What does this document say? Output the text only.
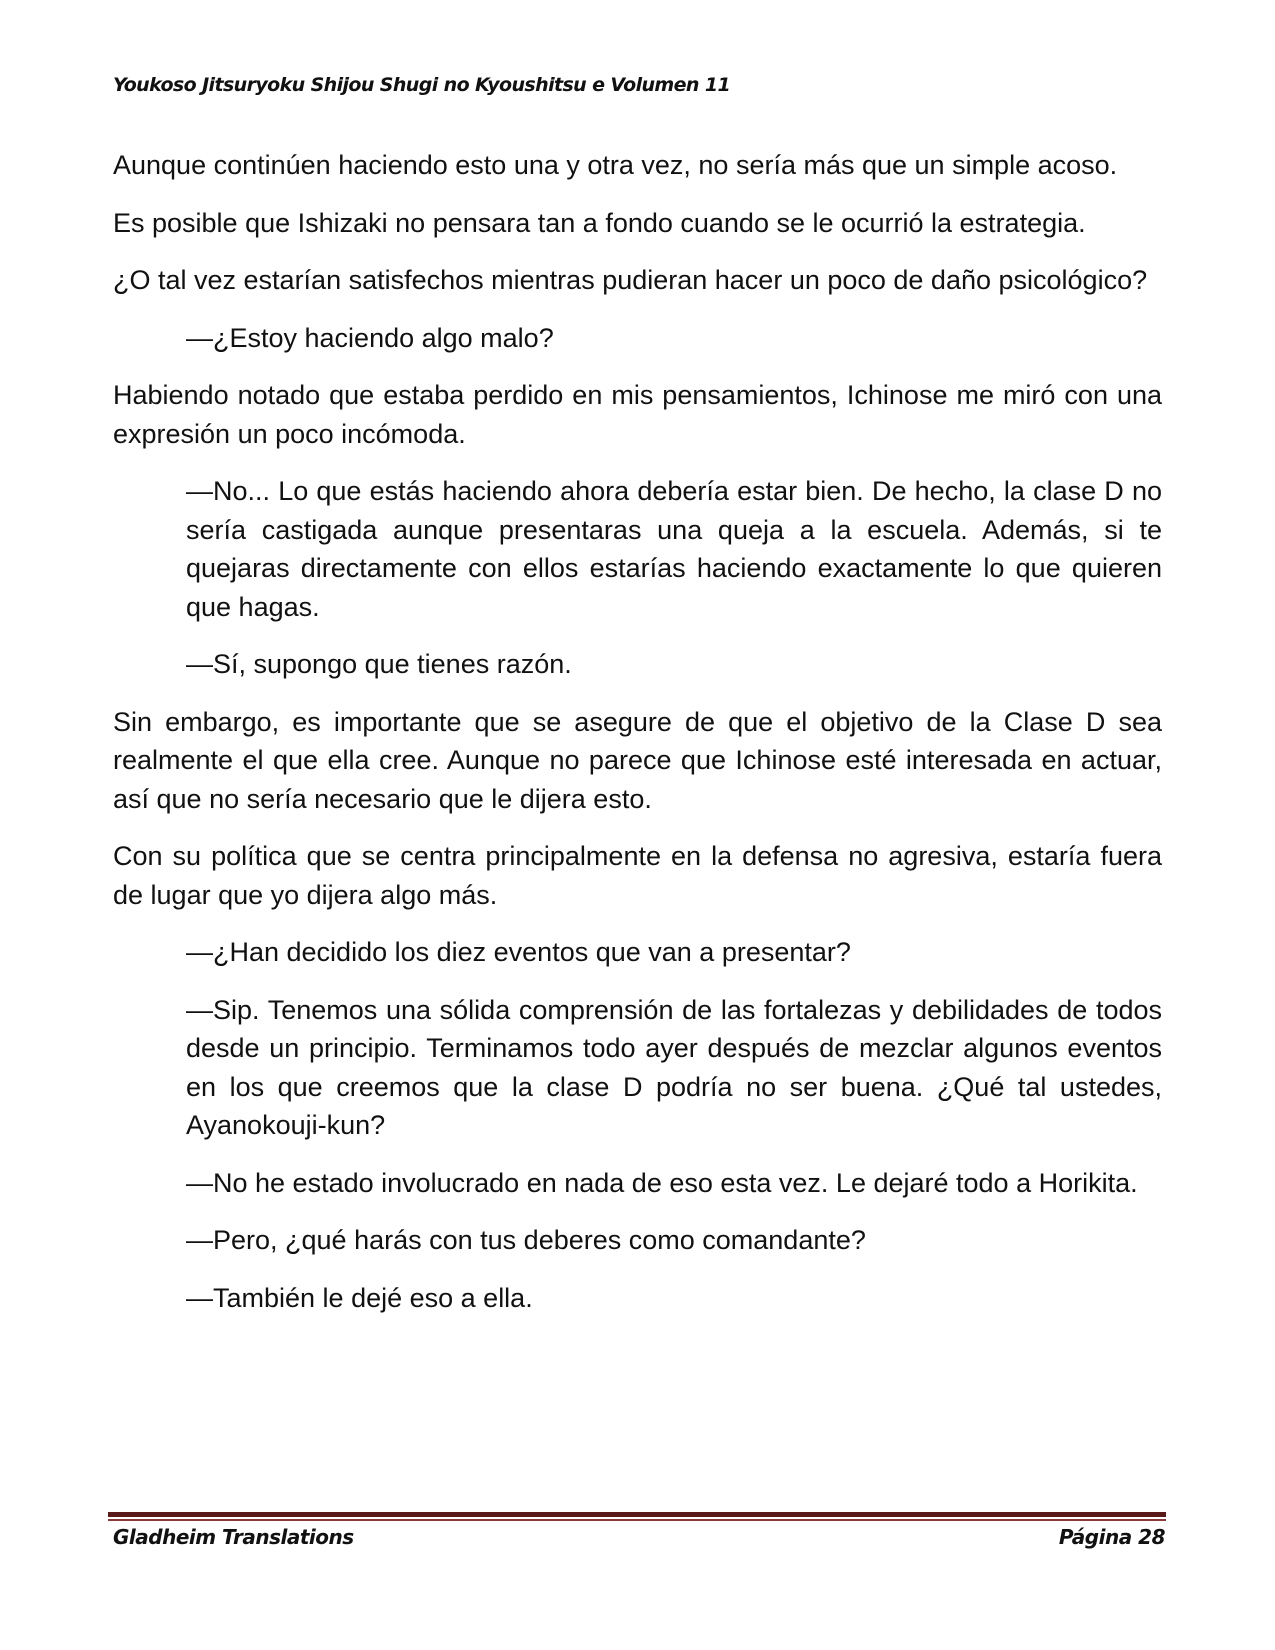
Youkoso Jitsuryoku Shijou Shugi no Kyoushitsu e Volumen 11

Aunque continúen haciendo esto una y otra vez, no sería más que un simple acoso.

Es posible que Ishizaki no pensara tan a fondo cuando se le ocurrió la estrategia.

¿O tal vez estarían satisfechos mientras pudieran hacer un poco de daño psicológico?

—¿Estoy haciendo algo malo?

Habiendo notado que estaba perdido en mis pensamientos, Ichinose me miró con una expresión un poco incómoda.

—No... Lo que estás haciendo ahora debería estar bien. De hecho, la clase D no sería castigada aunque presentaras una queja a la escuela. Además, si te quejaras directamente con ellos estarías haciendo exactamente lo que quieren que hagas.

—Sí, supongo que tienes razón.

Sin embargo, es importante que se asegure de que el objetivo de la Clase D sea realmente el que ella cree. Aunque no parece que Ichinose esté interesada en actuar, así que no sería necesario que le dijera esto.

Con su política que se centra principalmente en la defensa no agresiva, estaría fuera de lugar que yo dijera algo más.

—¿Han decidido los diez eventos que van a presentar?

—Sip. Tenemos una sólida comprensión de las fortalezas y debilidades de todos desde un principio. Terminamos todo ayer después de mezclar algunos eventos en los que creemos que la clase D podría no ser buena. ¿Qué tal ustedes, Ayanokouji-kun?

—No he estado involucrado en nada de eso esta vez. Le dejaré todo a Horikita.

—Pero, ¿qué harás con tus deberes como comandante?

—También le dejé eso a ella.

Gladheim Translations	Página 28
